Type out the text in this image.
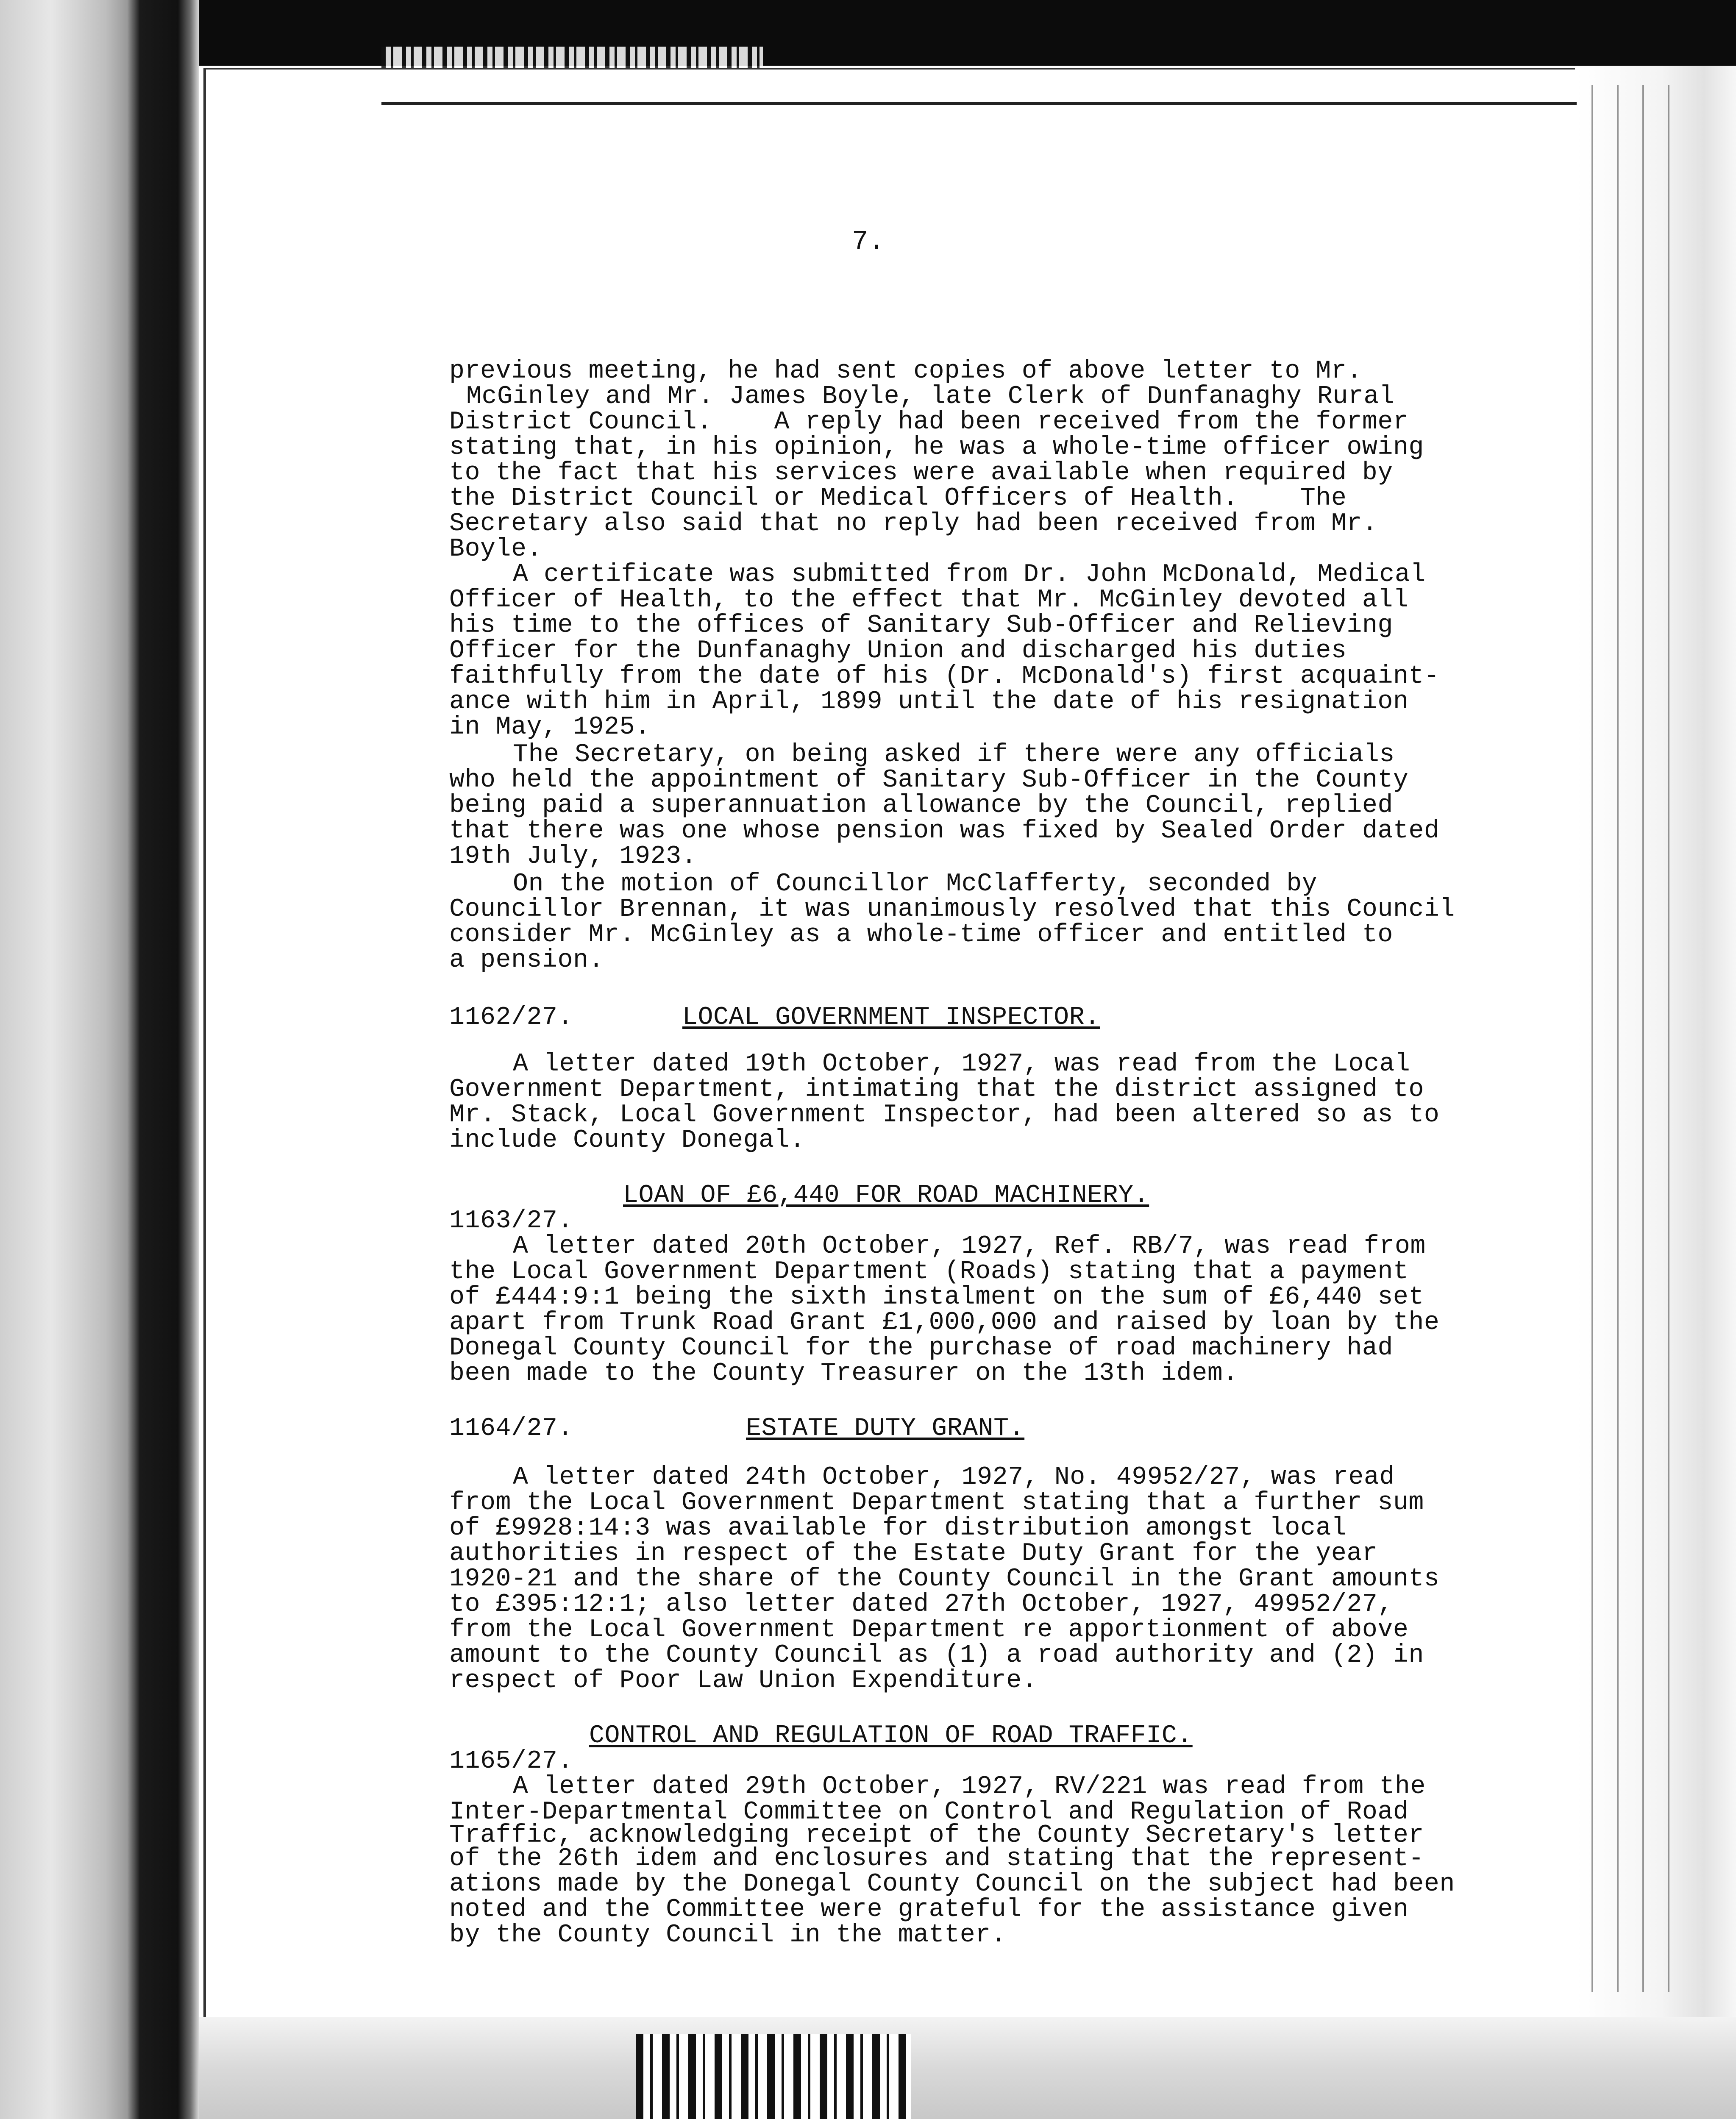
7.
previous meeting, he had sent copies of above letter to Mr.
McGinley and Mr. James Boyle, late Clerk of Dunfanaghy Rural
District Council.    A reply had been received from the former
stating that, in his opinion, he was a whole-time officer owing
to the fact that his services were available when required by
the District Council or Medical Officers of Health.    The
Secretary also said that no reply had been received from Mr.
Boyle.
A certificate was submitted from Dr. John McDonald, Medical
Officer of Health, to the effect that Mr. McGinley devoted all
his time to the offices of Sanitary Sub-Officer and Relieving
Officer for the Dunfanaghy Union and discharged his duties
faithfully from the date of his (Dr. McDonald's) first acquaint-
ance with him in April, 1899 until the date of his resignation
in May, 1925.
The Secretary, on being asked if there were any officials
who held the appointment of Sanitary Sub-Officer in the County
being paid a superannuation allowance by the Council, replied
that there was one whose pension was fixed by Sealed Order dated
19th July, 1923.
On the motion of Councillor McClafferty, seconded by
Councillor Brennan, it was unanimously resolved that this Council
consider Mr. McGinley as a whole-time officer and entitled to
a pension.
1162/27.	LOCAL GOVERNMENT INSPECTOR.
A letter dated 19th October, 1927, was read from the Local
Government Department, intimating that the district assigned to
Mr. Stack, Local Government Inspector, had been altered so as to
include County Donegal.
LOAN OF £6,440 FOR ROAD MACHINERY.
1163/27.
A letter dated 20th October, 1927, Ref. RB/7, was read from
the Local Government Department (Roads) stating that a payment
of £444:9:1 being the sixth instalment on the sum of £6,440 set
apart from Trunk Road Grant £1,000,000 and raised by loan by the
Donegal County Council for the purchase of road machinery had
been made to the County Treasurer on the 13th idem.
1164/27.	ESTATE DUTY GRANT.
A letter dated 24th October, 1927, No. 49952/27, was read
from the Local Government Department stating that a further sum
of £9928:14:3 was available for distribution amongst local
authorities in respect of the Estate Duty Grant for the year
1920-21 and the share of the County Council in the Grant amounts
to £395:12:1; also letter dated 27th October, 1927, 49952/27,
from the Local Government Department re apportionment of above
amount to the County Council as (1) a road authority and (2) in
respect of Poor Law Union Expenditure.
CONTROL AND REGULATION OF ROAD TRAFFIC.
1165/27.
A letter dated 29th October, 1927, RV/221 was read from the
Inter-Departmental Committee on Control and Regulation of Road
Traffic, acknowledging receipt of the County Secretary's letter
of the 26th idem and enclosures and stating that the represent-
ations made by the Donegal County Council on the subject had been
noted and the Committee were grateful for the assistance given
by the County Council in the matter.
